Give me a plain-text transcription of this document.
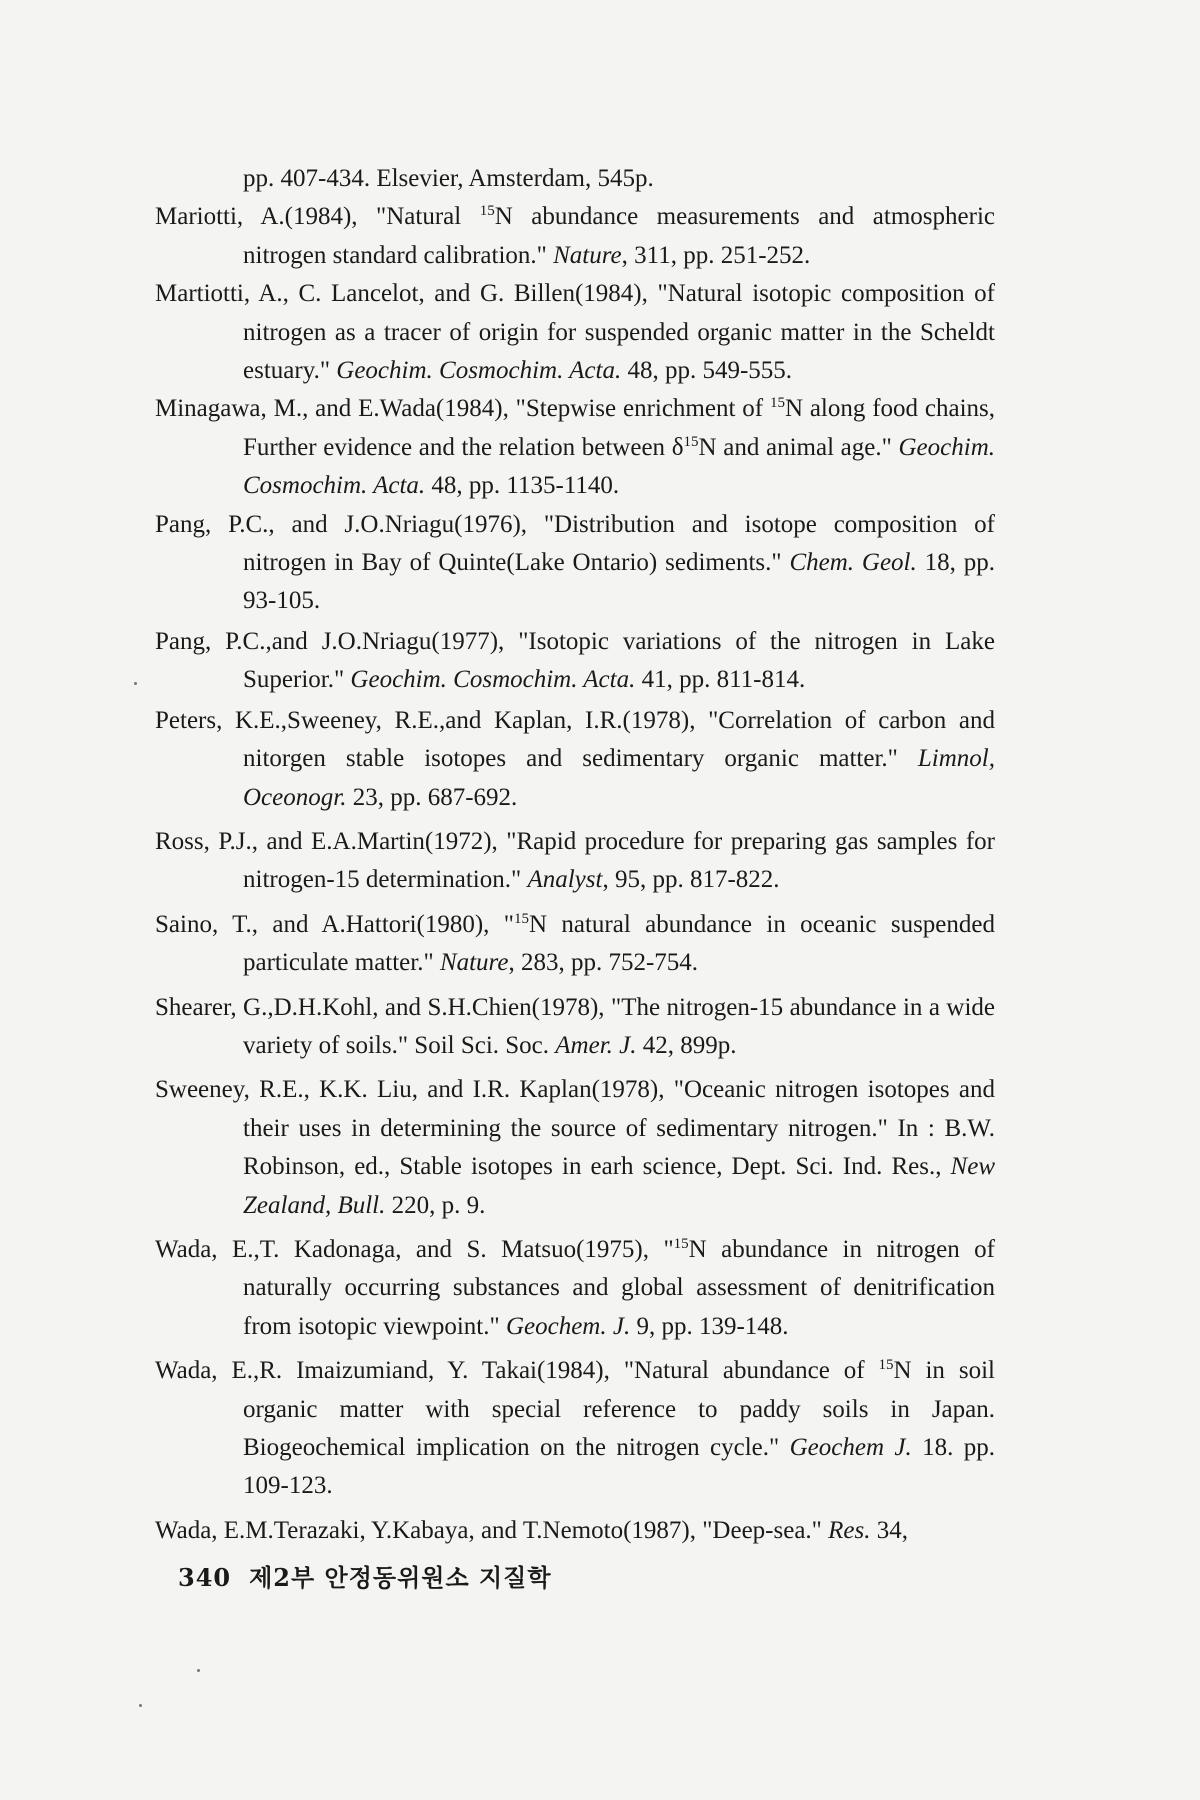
pp. 407-434. Elsevier, Amsterdam, 545p.

Mariotti, A.(1984), "Natural $^{15}$N abundance measurements and atmospheric nitrogen standard calibration." Nature, 311, pp. 251-252.

Martiotti, A., C. Lancelot, and G. Billen(1984), "Natural isotopic composition of nitrogen as a tracer of origin for suspended organic matter in the Scheldt estuary." Geochim. Cosmochim. Acta. 48, pp. 549-555.

Minagawa, M., and E.Wada(1984), "Stepwise enrichment of $^{15}$N along food chains, Further evidence and the relation between $\delta^{15}N$ and animal age." Geochim. Cosmochim. Acta. 48, pp. 1135-1140.

Pang, P.C., and J.O.Nriagu(1976), "Distribution and isotope composition of nitrogen in Bay of Quinte(Lake Ontario) sediments." Chem. Geol. 18, pp. 93-105.

Pang, P.C.,and J.O.Nriagu(1977), "Isotopic variations of the nitrogen in Lake Superior." Geochim. Cosmochim. Acta. 41, pp. 811-814.

Peters, K.E.,Sweeney, R.E.,and Kaplan, I.R.(1978), "Correlation of carbon and nitorgen stable isotopes and sedimentary organic matter." Limnol, Oceonogr. 23, pp. 687-692.

Ross, P.J., and E.A.Martin(1972), "Rapid procedure for preparing gas samples for nitrogen-15 determination." Analyst, 95, pp. 817-822.

Saino, T., and A.Hattori(1980), "$^{15}$N natural abundance in oceanic suspended particulate matter." Nature, 283, pp. 752-754.

Shearer, G.,D.H.Kohl, and S.H.Chien(1978), "The nitrogen-15 abundance in a wide variety of soils." Soil Sci. Soc. Amer. J. 42, 899p.

Sweeney, R.E., K.K. Liu, and I.R. Kaplan(1978), "Oceanic nitrogen isotopes and their uses in determining the source of sedimentary nitrogen." In : B.W. Robinson, ed., Stable isotopes in earh science, Dept. Sci. Ind. Res., New Zealand, Bull. 220, p. 9.

Wada, E.,T. Kadonaga, and S. Matsuo(1975), "$^{15}$N abundance in nitrogen of naturally occurring substances and global assessment of denitrification from isotopic viewpoint." Geochem. J. 9, pp. 139-148.

Wada, E.,R. Imaizumiand, Y. Takai(1984), "Natural abundance of $^{15}$N in soil organic matter with special reference to paddy soils in Japan. Biogeochemical implication on the nitrogen cycle." Geochem J. 18. pp. 109-123.

Wada, E.M.Terazaki, Y.Kabaya, and T.Nemoto(1987), "Deep-sea." Res. 34,

340 제2부 안정동위원소 지질학
